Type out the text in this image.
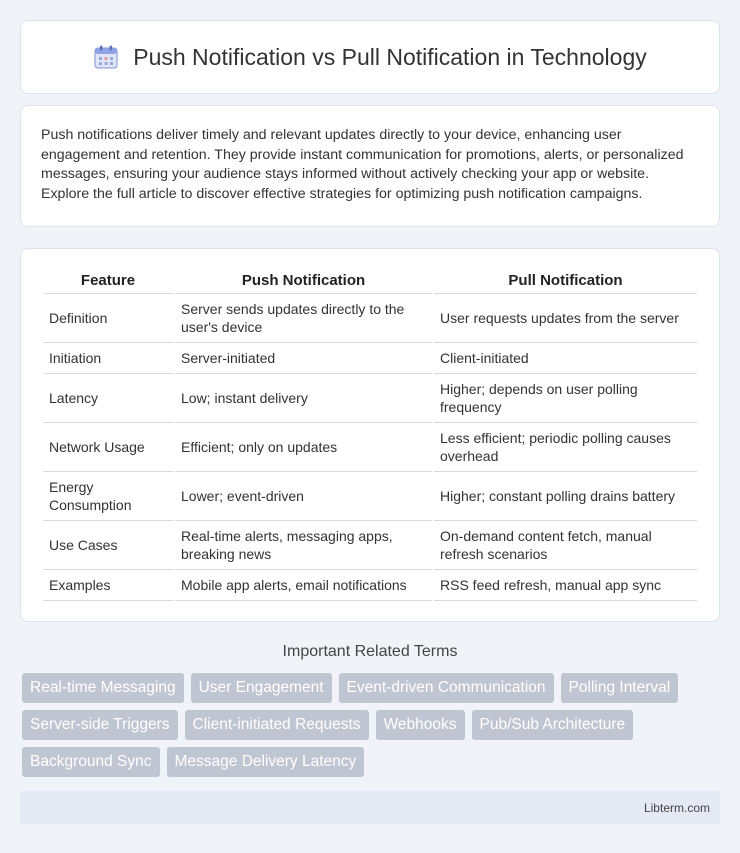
Push Notification vs Pull Notification in Technology

Push notifications deliver timely and relevant updates directly to your device, enhancing user engagement and retention. They provide instant communication for promotions, alerts, or personalized messages, ensuring your audience stays informed without actively checking your app or website. Explore the full article to discover effective strategies for optimizing push notification campaigns.

Feature	Push Notification	Pull Notification
Definition	Server sends updates directly to the user's device	User requests updates from the server
Initiation	Server-initiated	Client-initiated
Latency	Low; instant delivery	Higher; depends on user polling frequency
Network Usage	Efficient; only on updates	Less efficient; periodic polling causes overhead
Energy Consumption	Lower; event-driven	Higher; constant polling drains battery
Use Cases	Real-time alerts, messaging apps, breaking news	On-demand content fetch, manual refresh scenarios
Examples	Mobile app alerts, email notifications	RSS feed refresh, manual app sync
Important Related Terms
Real-time Messaging	User Engagement	Event-driven Communication	Polling Interval
Server-side Triggers	Client-initiated Requests	Webhooks	Pub/Sub Architecture
Background Sync	Message Delivery Latency
Libterm.com
